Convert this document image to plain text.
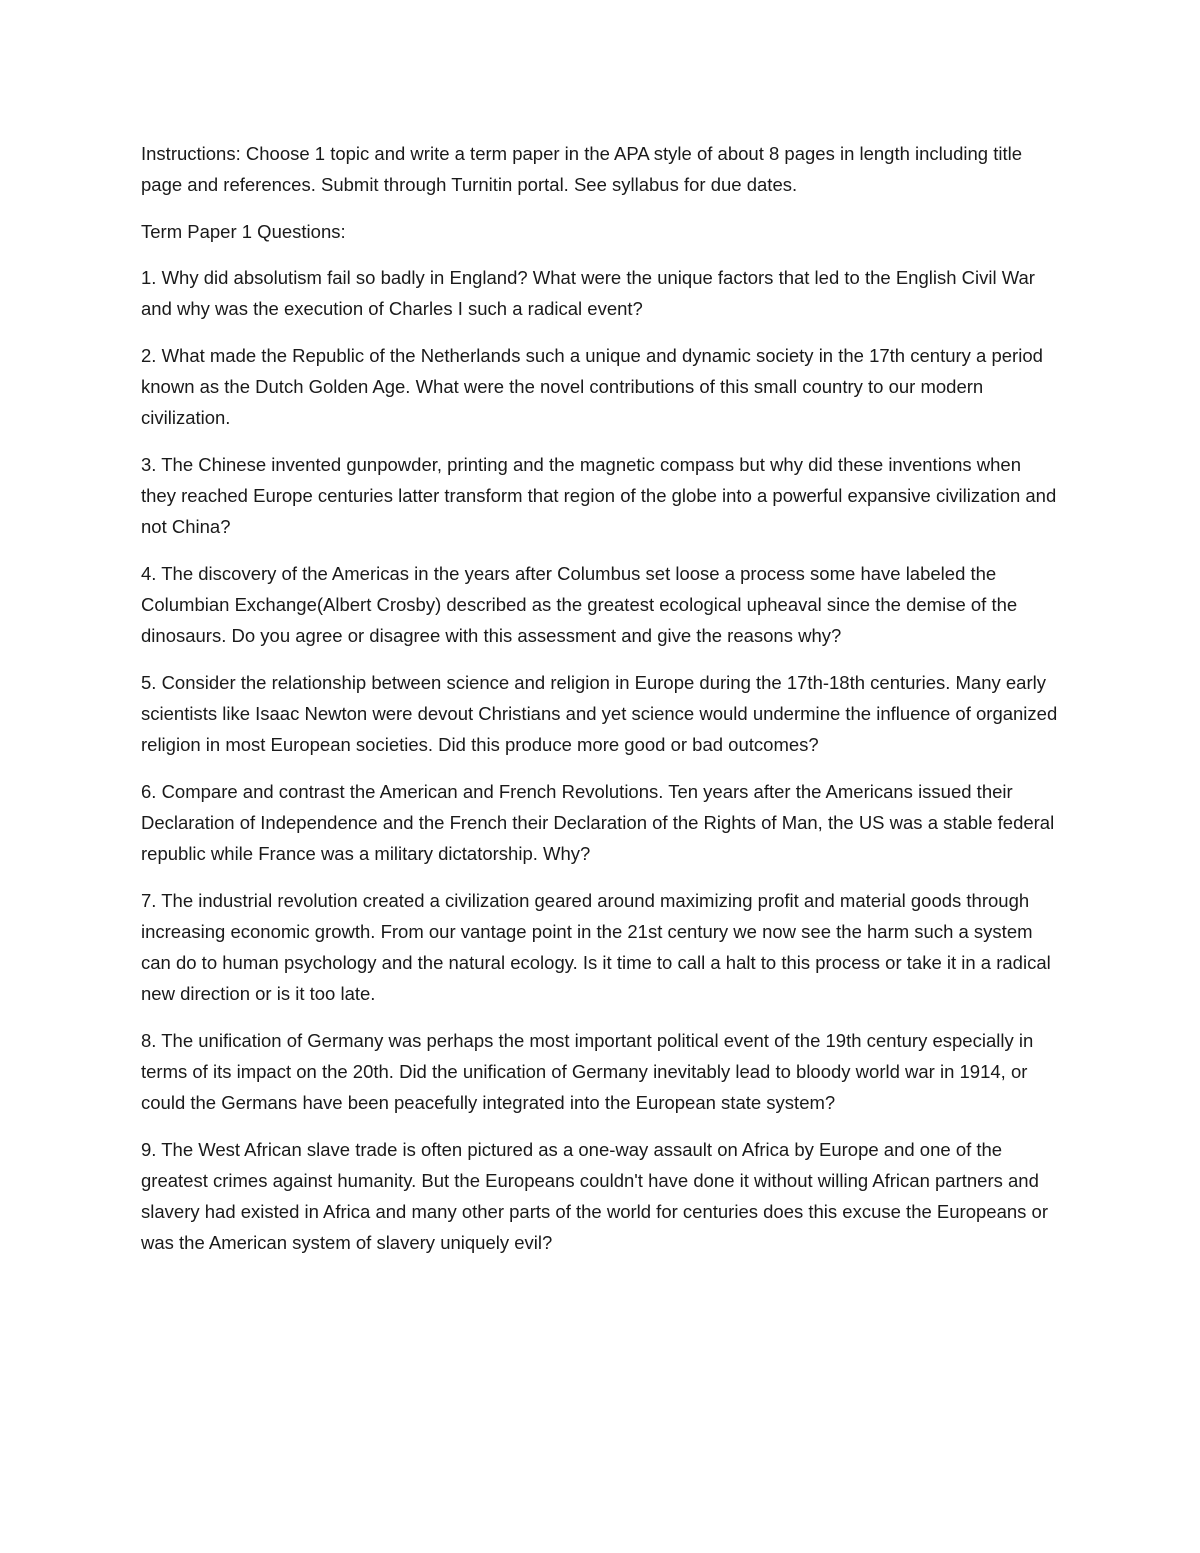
Instructions: Choose 1 topic and write a term paper in the APA style of about 8 pages in length including title page and references. Submit through Turnitin portal. See syllabus for due dates.

Term Paper 1 Questions:

1. Why did absolutism fail so badly in England? What were the unique factors that led to the English Civil War and why was the execution of Charles I such a radical event?

2. What made the Republic of the Netherlands such a unique and dynamic society in the 17th century a period known as the Dutch Golden Age. What were the novel contributions of this small country to our modern civilization.

3. The Chinese invented gunpowder, printing and the magnetic compass but why did these inventions when they reached Europe centuries latter transform that region of the globe into a powerful expansive civilization and not China?

4. The discovery of the Americas in the years after Columbus set loose a process some have labeled the Columbian Exchange(Albert Crosby) described as the greatest ecological upheaval since the demise of the dinosaurs. Do you agree or disagree with this assessment and give the reasons why?

5. Consider the relationship between science and religion in Europe during the 17th-18th centuries. Many early scientists like Isaac Newton were devout Christians and yet science would undermine the influence of organized religion in most European societies. Did this produce more good or bad outcomes?

6. Compare and contrast the American and French Revolutions. Ten years after the Americans issued their Declaration of Independence and the French their Declaration of the Rights of Man, the US was a stable federal republic while France was a military dictatorship. Why?

7. The industrial revolution created a civilization geared around maximizing profit and material goods through increasing economic growth. From our vantage point in the 21st century we now see the harm such a system can do to human psychology and the natural ecology. Is it time to call a halt to this process or take it in a radical new direction or is it too late.

8. The unification of Germany was perhaps the most important political event of the 19th century especially in terms of its impact on the 20th. Did the unification of Germany inevitably lead to bloody world war in 1914, or could the Germans have been peacefully integrated into the European state system?

9. The West African slave trade is often pictured as a one-way assault on Africa by Europe and one of the greatest crimes against humanity. But the Europeans couldn't have done it without willing African partners and slavery had existed in Africa and many other parts of the world for centuries does this excuse the Europeans or was the American system of slavery uniquely evil?
